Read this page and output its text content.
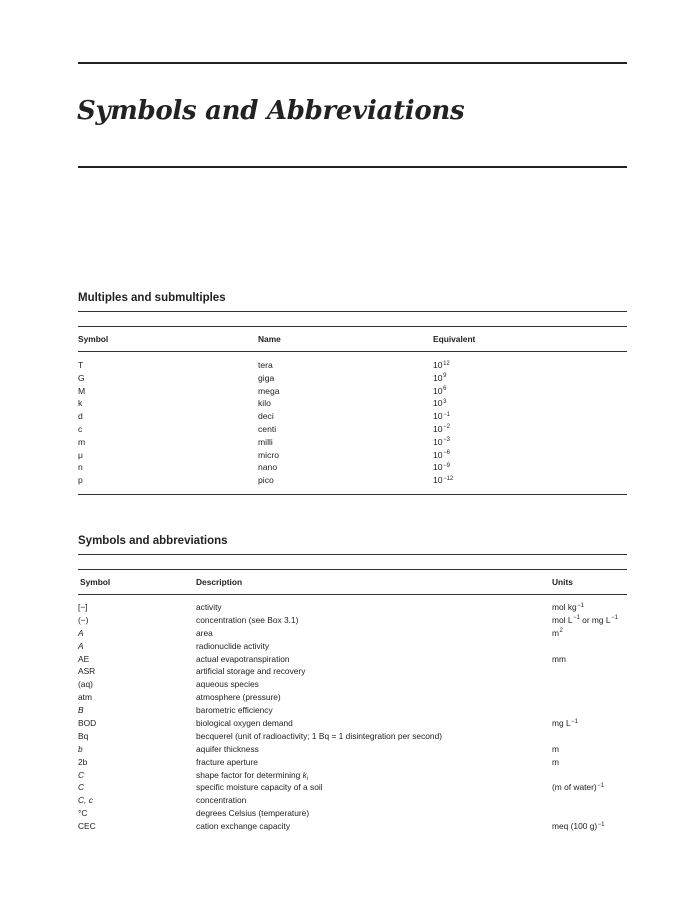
Symbols and Abbreviations
Multiples and submultiples
Symbol	Name	Equivalent
T	tera	$10^{12}$
G	giga	$10^9$
M	mega	$10^6$
k	kilo	$10^3$
d	deci	$10^{-1}$
c	centi	$10^{-2}$
m	milli	$10^{-3}$
μ	micro	$10^{-6}$
n	nano	$10^{-9}$
p	pico	$10^{-12}$
Symbols and abbreviations
Symbol	Description	Units
[−]	activity	mol $kg^{-1}$
(−)	concentration (see Box 3.1)	mol $L^{-1}$ or mg $L^{-1}$
A	area	$m^2$
A	radionuclide activity
AE	actual evapotranspiration	mm
ASR	artificial storage and recovery
(aq)	aqueous species
atm	atmosphere (pressure)
B	barometric efficiency
BOD	biological oxygen demand	mg $L^{-1}$
Bq	becquerel (unit of radioactivity; 1 Bq = 1 disintegration per second)
b	aquifer thickness	m
2b	fracture aperture	m
C	shape factor for determining $k_i$
C	specific moisture capacity of a soil	(m of water)$^{-1}$
C, c	concentration
°C	degrees Celsius (temperature)
CEC	cation exchange capacity	meq (100 g)$^{-1}$
